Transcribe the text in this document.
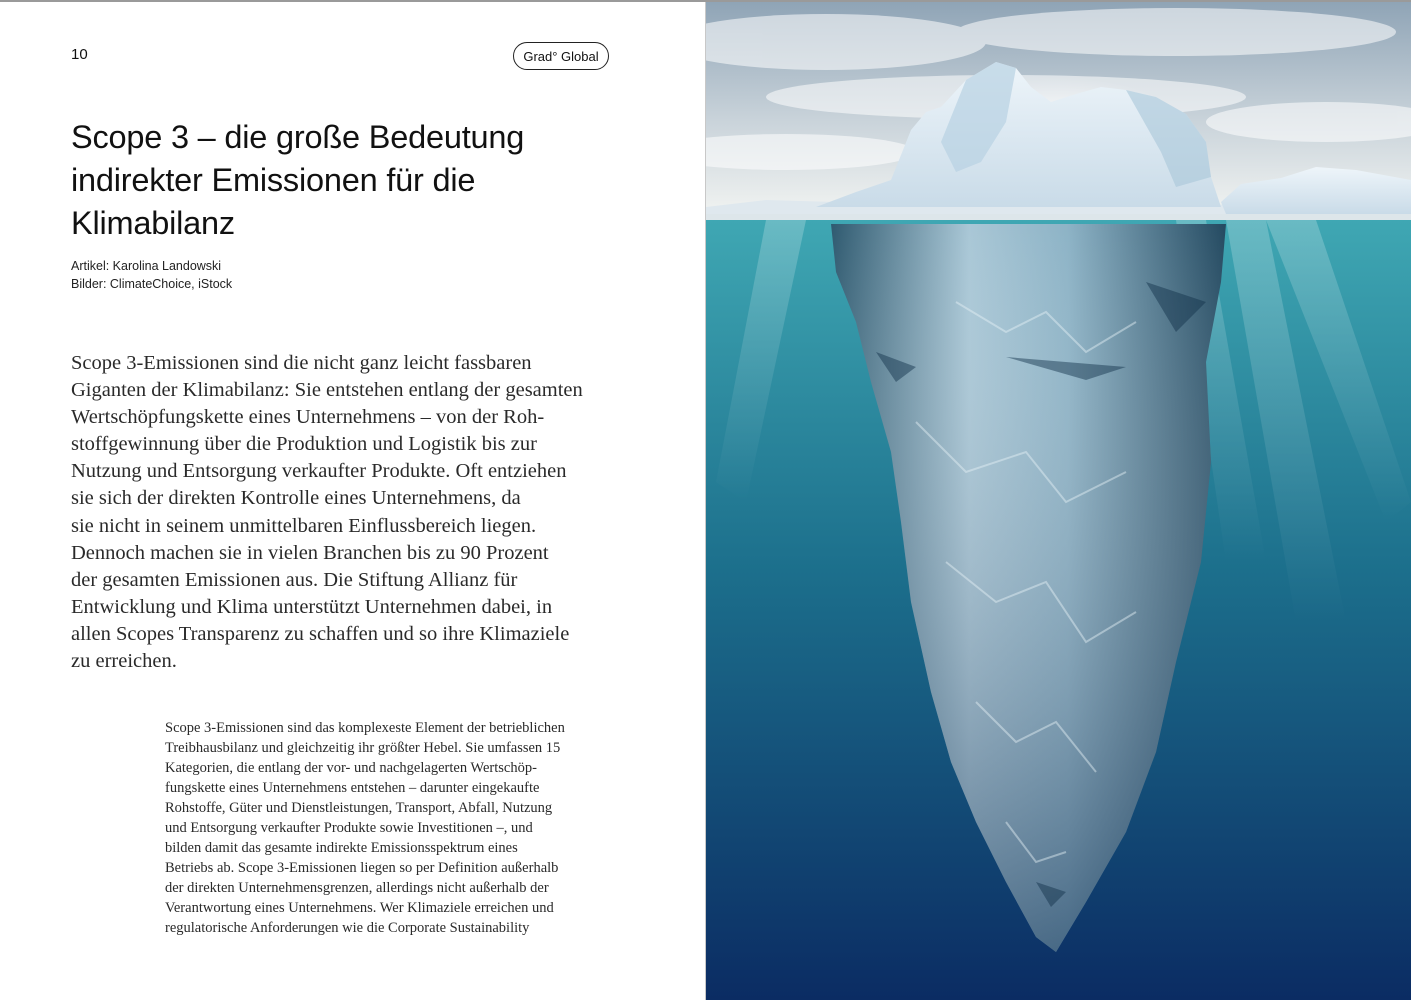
10	Grad° Global
Scope 3 – die große Bedeutung
indirekter Emissionen für die
Klimabilanz
Artikel: Karolina Landowski
Bilder: ClimateChoice, iStock
Scope 3-Emissionen sind die nicht ganz leicht fassbaren
Giganten der Klimabilanz: Sie entstehen entlang der gesamten
Wertschöpfungskette eines Unternehmens – von der Roh-
stoffgewinnung über die Produktion und Logistik bis zur
Nutzung und Entsorgung verkaufter Produkte. Oft entziehen
sie sich der direkten Kontrolle eines Unternehmens, da
sie nicht in seinem unmittelbaren Einflussbereich liegen.
Dennoch machen sie in vielen Branchen bis zu 90 Prozent
der gesamten Emissionen aus. Die Stiftung Allianz für
Entwicklung und Klima unterstützt Unternehmen dabei, in
allen Scopes Transparenz zu schaffen und so ihre Klimaziele
zu erreichen.
Scope 3-Emissionen sind das komplexeste Element der betrieblichen
Treibhausbilanz und gleichzeitig ihr größter Hebel. Sie umfassen 15
Kategorien, die entlang der vor- und nachgelagerten Wertschöp-
fungskette eines Unternehmens entstehen – darunter eingekaufte
Rohstoffe, Güter und Dienstleistungen, Transport, Abfall, Nutzung
und Entsorgung verkaufter Produkte sowie Investitionen –, und
bilden damit das gesamte indirekte Emissionsspektrum eines
Betriebs ab. Scope 3-Emissionen liegen so per Definition außerhalb
der direkten Unternehmensgrenzen, allerdings nicht außerhalb der
Verantwortung eines Unternehmens. Wer Klimaziele erreichen und
regulatorische Anforderungen wie die Corporate Sustainability
